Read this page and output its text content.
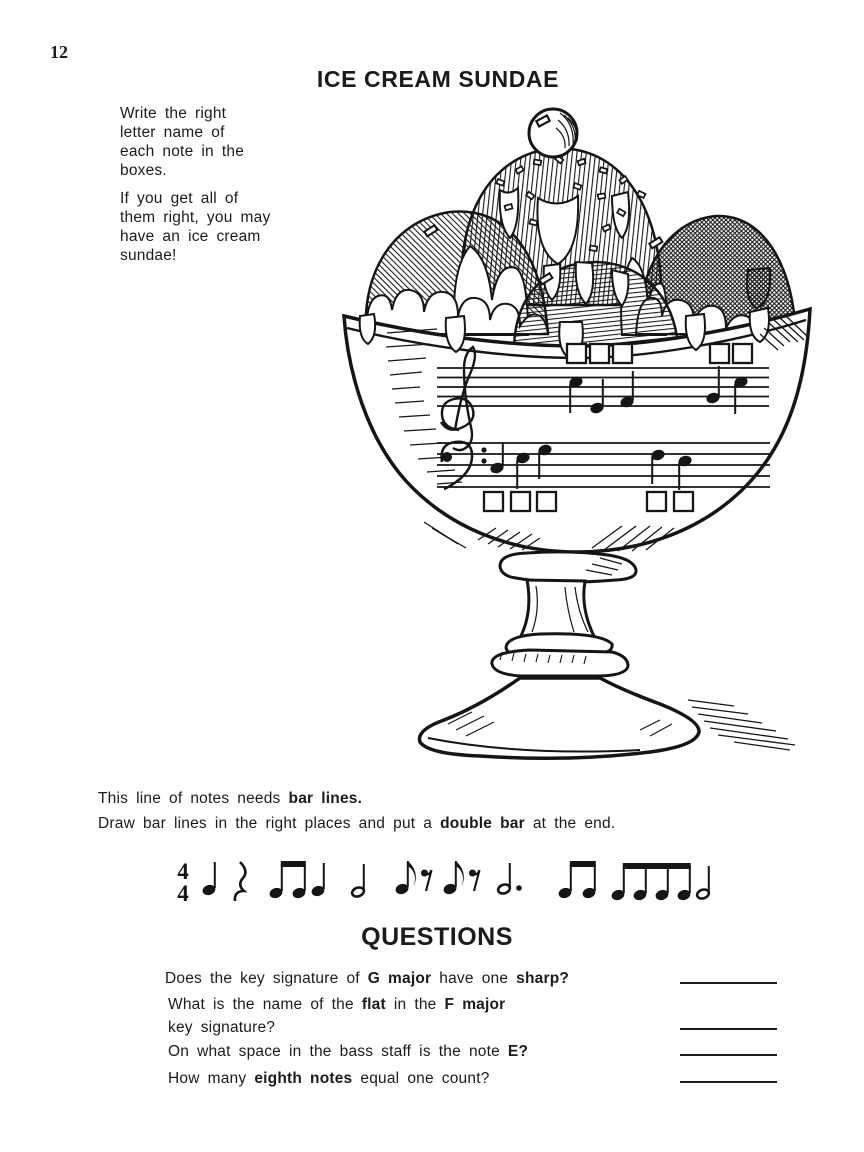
12
ICE CREAM SUNDAE
Write the right
letter name of
each note in the
boxes.
If you get all of
them right, you may
have an ice cream
sundae!
This line of notes needs bar lines.
Draw bar lines in the right places and put a double bar at the end.
4
4
QUESTIONS
Does the key signature of G major have one sharp?
What is the name of the flat in the F major
key signature?
On what space in the bass staff is the note E?
How many eighth notes equal one count?
